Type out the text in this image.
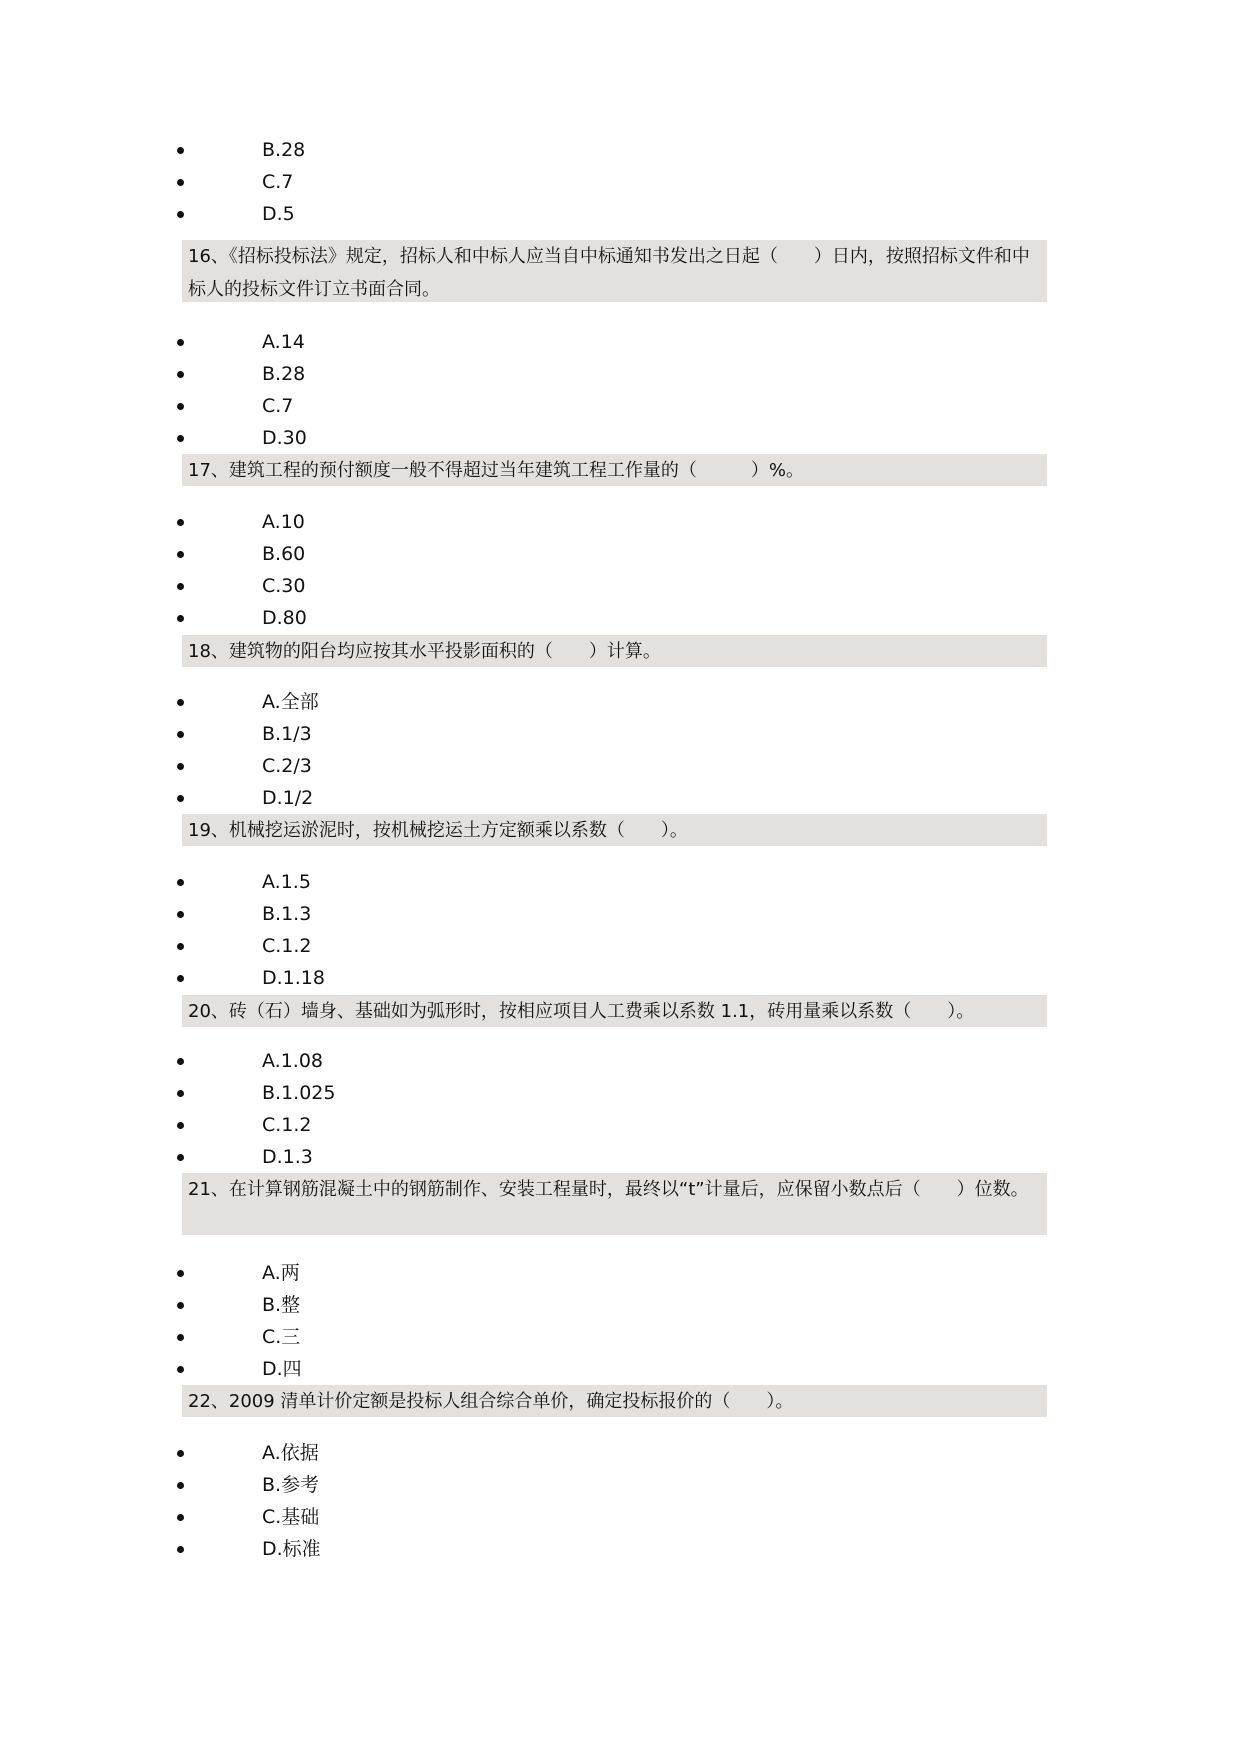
B.28
C.7
D.5
16、《招标投标法》规定，招标人和中标人应当自中标通知书发出之日起（　　）日内，按照招标文件和中标人的投标文件订立书面合同。
A.14
B.28
C.7
D.30
17、建筑工程的预付额度一般不得超过当年建筑工程工作量的（　　　）%。
A.10
B.60
C.30
D.80
18、建筑物的阳台均应按其水平投影面积的（　　）计算。
A.全部
B.1/3
C.2/3
D.1/2
19、机械挖运淤泥时，按机械挖运土方定额乘以系数（　　）。
A.1.5
B.1.3
C.1.2
D.1.18
20、砖（石）墙身、基础如为弧形时，按相应项目人工费乘以系数 1.1，砖用量乘以系数（　　）。
A.1.08
B.1.025
C.1.2
D.1.3
21、在计算钢筋混凝土中的钢筋制作、安装工程量时，最终以“t”计量后，应保留小数点后（　　）位数。
A.两
B.整
C.三
D.四
22、2009 清单计价定额是投标人组合综合单价，确定投标报价的（　　）。
A.依据
B.参考
C.基础
D.标准
